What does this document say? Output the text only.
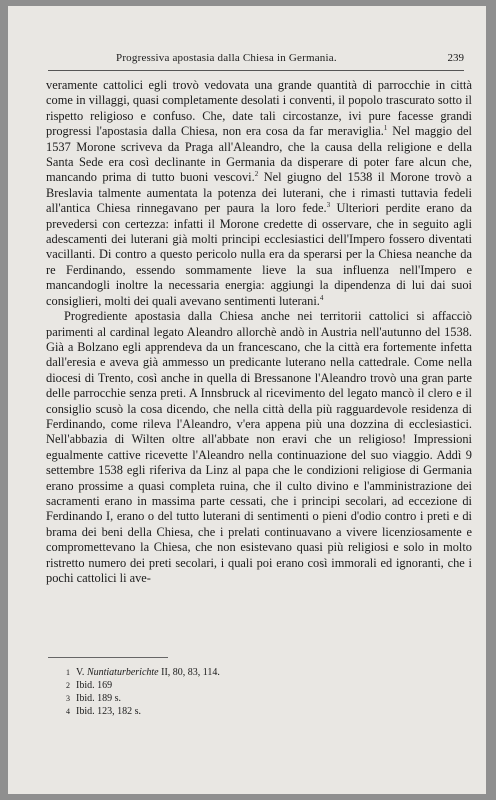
Progressiva apostasia dalla Chiesa in Germania.	239

veramente cattolici egli trovò vedovata una grande quantità di parrocchie in città come in villaggi, quasi completamente desolati i conventi, il popolo trascurato sotto il rispetto religioso e confuso. Che, date tali circostanze, ivi pure facesse grandi progressi l'apostasia dalla Chiesa, non era cosa da far meraviglia.$^1$ Nel maggio del 1537 Morone scriveva da Praga all'Aleandro, che la causa della religione e della Santa Sede era così declinante in Germania da disperare di poter fare alcun che, mancando prima di tutto buoni vescovi.$^2$ Nel giugno del 1538 il Morone trovò a Breslavia talmente aumentata la potenza dei luterani, che i rimasti tuttavia fedeli all'antica Chiesa rinnegavano per paura la loro fede.$^3$ Ulteriori perdite erano da prevedersi con certezza: infatti il Morone credette di osservare, che in seguito agli adescamenti dei luterani già molti principi ecclesiastici dell'Impero fossero diventati vacillanti. Di contro a questo pericolo nulla era da sperarsi per la Chiesa neanche da re Ferdinando, essendo sommamente lieve la sua influenza nell'Impero e mancandogli inoltre la necessaria energia: aggiungi la dipendenza di lui dai suoi consiglieri, molti dei quali avevano sentimenti luterani.$^4$

Progrediente apostasia dalla Chiesa anche nei territorii cattolici si affacciò parimenti al cardinal legato Aleandro allorchè andò in Austria nell'autunno del 1538. Già a Bolzano egli apprendeva da un francescano, che la città era fortemente infetta dall'eresia e aveva già ammesso un predicante luterano nella cattedrale. Come nella diocesi di Trento, così anche in quella di Bressanone l'Aleandro trovò una gran parte delle parrocchie senza preti. A Innsbruck al ricevimento del legato mancò il clero e il consiglio scusò la cosa dicendo, che nella città della più ragguardevole residenza di Ferdinando, come rileva l'Aleandro, v'era appena più una dozzina di ecclesiastici. Nell'abbazia di Wilten oltre all'abbate non eravi che un religioso! Impressioni egualmente cattive ricevette l'Aleandro nella continuazione del suo viaggio. Addì 9 settembre 1538 egli riferiva da Linz al papa che le condizioni religiose di Germania erano prossime a quasi completa ruina, che il culto divino e l'amministrazione dei sacramenti erano in massima parte cessati, che i principi secolari, ad eccezione di Ferdinando I, erano o del tutto luterani di sentimenti o pieni d'odio contro i preti e di brama dei beni della Chiesa, che i prelati continuavano a vivere licenziosamente e compromettevano la Chiesa, che non esistevano quasi più religiosi e solo in molto ristretto numero dei preti secolari, i quali poi erano così immorali ed ignoranti, che i pochi cattolici li ave-

1 V. Nuntiaturberichte II, 80, 83, 114.
2 Ibid. 169
3 Ibid. 189 s.
4 Ibid. 123, 182 s.
